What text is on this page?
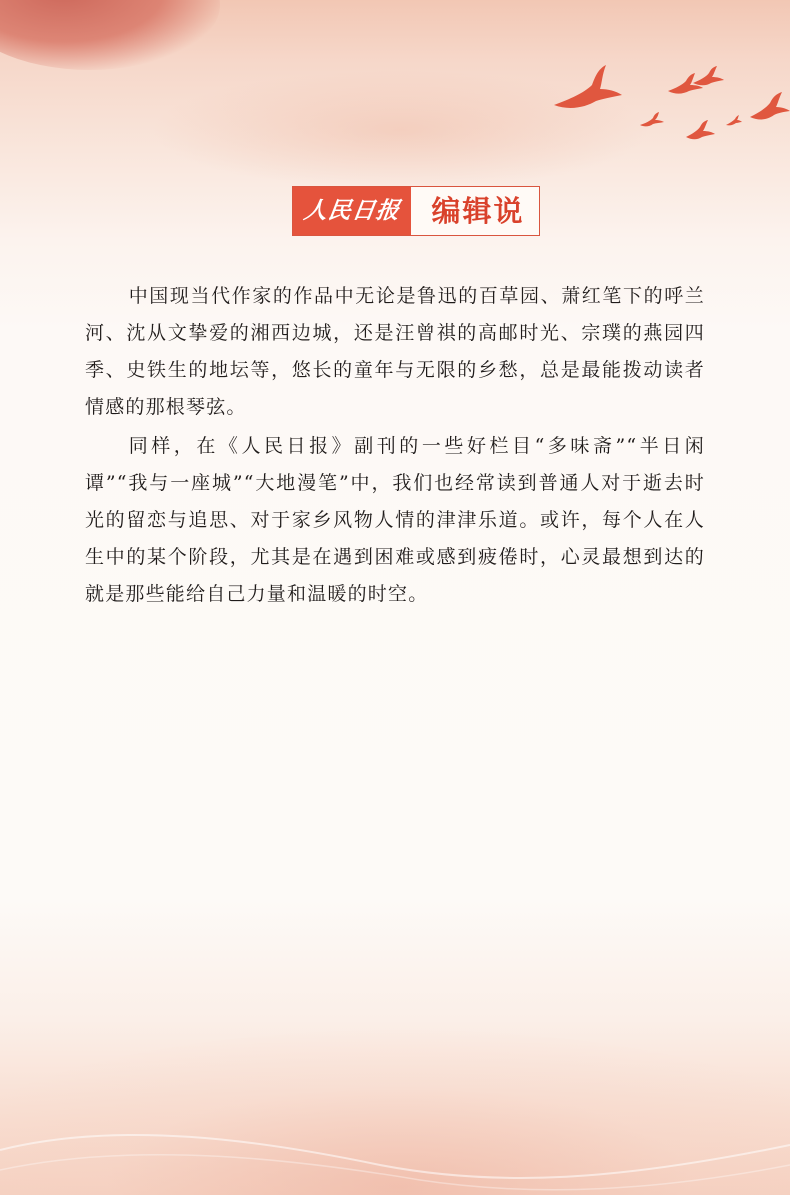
人民日报	编辑说

中国现当代作家的作品中无论是鲁迅的百草园、萧红笔下的呼兰河、沈从文挚爱的湘西边城，还是汪曾祺的高邮时光、宗璞的燕园四季、史铁生的地坛等，悠长的童年与无限的乡愁，总是最能拨动读者情感的那根琴弦。

同样，在《人民日报》副刊的一些好栏目“多味斋”“半日闲谭”“我与一座城”“大地漫笔”中，我们也经常读到普通人对于逝去时光的留恋与追思、对于家乡风物人情的津津乐道。或许，每个人在人生中的某个阶段，尤其是在遇到困难或感到疲倦时，心灵最想到达的就是那些能给自己力量和温暖的时空。
